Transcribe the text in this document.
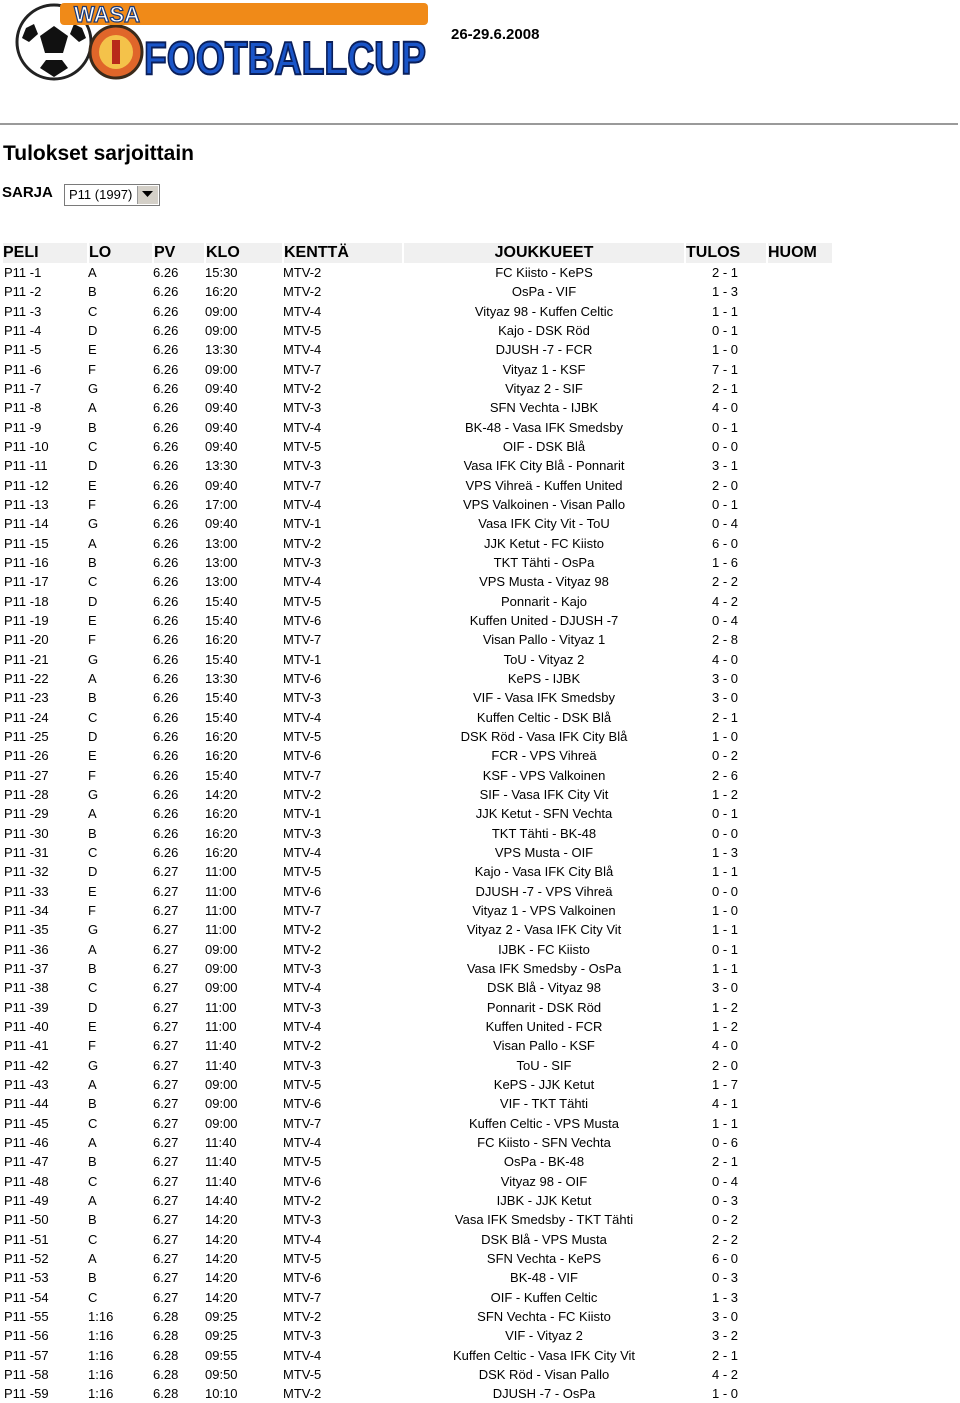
WASA
FOOTBALLCUP 26-29.6.2008
Tulokset sarjoittain
SARJA P11 (1997)
PELI	LO	PV	KLO	KENTTÄ	JOUKKUEET	TULOS	HUOM
P11 -1	A	6.26	15:30	MTV-2	FC Kiisto - KePS	2 - 1	
P11 -2	B	6.26	16:20	MTV-2	OsPa - VIF	1 - 3	
P11 -3	C	6.26	09:00	MTV-4	Vityaz 98 - Kuffen Celtic	1 - 1	
P11 -4	D	6.26	09:00	MTV-5	Kajo - DSK Röd	0 - 1	
P11 -5	E	6.26	13:30	MTV-4	DJUSH -7 - FCR	1 - 0	
P11 -6	F	6.26	09:00	MTV-7	Vityaz 1 - KSF	7 - 1	
P11 -7	G	6.26	09:40	MTV-2	Vityaz 2 - SIF	2 - 1	
P11 -8	A	6.26	09:40	MTV-3	SFN Vechta - IJBK	4 - 0	
P11 -9	B	6.26	09:40	MTV-4	BK-48 - Vasa IFK Smedsby	0 - 1	
P11 -10	C	6.26	09:40	MTV-5	OIF - DSK Blå	0 - 0	
P11 -11	D	6.26	13:30	MTV-3	Vasa IFK City Blå - Ponnarit	3 - 1	
P11 -12	E	6.26	09:40	MTV-7	VPS Vihreä - Kuffen United	2 - 0	
P11 -13	F	6.26	17:00	MTV-4	VPS Valkoinen - Visan Pallo	0 - 1	
P11 -14	G	6.26	09:40	MTV-1	Vasa IFK City Vit - ToU	0 - 4	
P11 -15	A	6.26	13:00	MTV-2	JJK Ketut - FC Kiisto	6 - 0	
P11 -16	B	6.26	13:00	MTV-3	TKT Tähti - OsPa	1 - 6	
P11 -17	C	6.26	13:00	MTV-4	VPS Musta - Vityaz 98	2 - 2	
P11 -18	D	6.26	15:40	MTV-5	Ponnarit - Kajo	4 - 2	
P11 -19	E	6.26	15:40	MTV-6	Kuffen United - DJUSH -7	0 - 4	
P11 -20	F	6.26	16:20	MTV-7	Visan Pallo - Vityaz 1	2 - 8	
P11 -21	G	6.26	15:40	MTV-1	ToU - Vityaz 2	4 - 0	
P11 -22	A	6.26	13:30	MTV-6	KePS - IJBK	3 - 0	
P11 -23	B	6.26	15:40	MTV-3	VIF - Vasa IFK Smedsby	3 - 0	
P11 -24	C	6.26	15:40	MTV-4	Kuffen Celtic - DSK Blå	2 - 1	
P11 -25	D	6.26	16:20	MTV-5	DSK Röd - Vasa IFK City Blå	1 - 0	
P11 -26	E	6.26	16:20	MTV-6	FCR - VPS Vihreä	0 - 2	
P11 -27	F	6.26	15:40	MTV-7	KSF - VPS Valkoinen	2 - 6	
P11 -28	G	6.26	14:20	MTV-2	SIF - Vasa IFK City Vit	1 - 2	
P11 -29	A	6.26	16:20	MTV-1	JJK Ketut - SFN Vechta	0 - 1	
P11 -30	B	6.26	16:20	MTV-3	TKT Tähti - BK-48	0 - 0	
P11 -31	C	6.26	16:20	MTV-4	VPS Musta - OIF	1 - 3	
P11 -32	D	6.27	11:00	MTV-5	Kajo - Vasa IFK City Blå	1 - 1	
P11 -33	E	6.27	11:00	MTV-6	DJUSH -7 - VPS Vihreä	0 - 0	
P11 -34	F	6.27	11:00	MTV-7	Vityaz 1 - VPS Valkoinen	1 - 0	
P11 -35	G	6.27	11:00	MTV-2	Vityaz 2 - Vasa IFK City Vit	1 - 1	
P11 -36	A	6.27	09:00	MTV-2	IJBK - FC Kiisto	0 - 1	
P11 -37	B	6.27	09:00	MTV-3	Vasa IFK Smedsby - OsPa	1 - 1	
P11 -38	C	6.27	09:00	MTV-4	DSK Blå - Vityaz 98	3 - 0	
P11 -39	D	6.27	11:00	MTV-3	Ponnarit - DSK Röd	1 - 2	
P11 -40	E	6.27	11:00	MTV-4	Kuffen United - FCR	1 - 2	
P11 -41	F	6.27	11:40	MTV-2	Visan Pallo - KSF	4 - 0	
P11 -42	G	6.27	11:40	MTV-3	ToU - SIF	2 - 0	
P11 -43	A	6.27	09:00	MTV-5	KePS - JJK Ketut	1 - 7	
P11 -44	B	6.27	09:00	MTV-6	VIF - TKT Tähti	4 - 1	
P11 -45	C	6.27	09:00	MTV-7	Kuffen Celtic - VPS Musta	1 - 1	
P11 -46	A	6.27	11:40	MTV-4	FC Kiisto - SFN Vechta	0 - 6	
P11 -47	B	6.27	11:40	MTV-5	OsPa - BK-48	2 - 1	
P11 -48	C	6.27	11:40	MTV-6	Vityaz 98 - OIF	0 - 4	
P11 -49	A	6.27	14:40	MTV-2	IJBK - JJK Ketut	0 - 3	
P11 -50	B	6.27	14:20	MTV-3	Vasa IFK Smedsby - TKT Tähti	0 - 2	
P11 -51	C	6.27	14:20	MTV-4	DSK Blå - VPS Musta	2 - 2	
P11 -52	A	6.27	14:20	MTV-5	SFN Vechta - KePS	6 - 0	
P11 -53	B	6.27	14:20	MTV-6	BK-48 - VIF	0 - 3	
P11 -54	C	6.27	14:20	MTV-7	OIF - Kuffen Celtic	1 - 3	
P11 -55	1:16	6.28	09:25	MTV-2	SFN Vechta - FC Kiisto	3 - 0	
P11 -56	1:16	6.28	09:25	MTV-3	VIF - Vityaz 2	3 - 2	
P11 -57	1:16	6.28	09:55	MTV-4	Kuffen Celtic - Vasa IFK City Vit	2 - 1	
P11 -58	1:16	6.28	09:50	MTV-5	DSK Röd - Visan Pallo	4 - 2	
P11 -59	1:16	6.28	10:10	MTV-2	DJUSH -7 - OsPa	1 - 0	
